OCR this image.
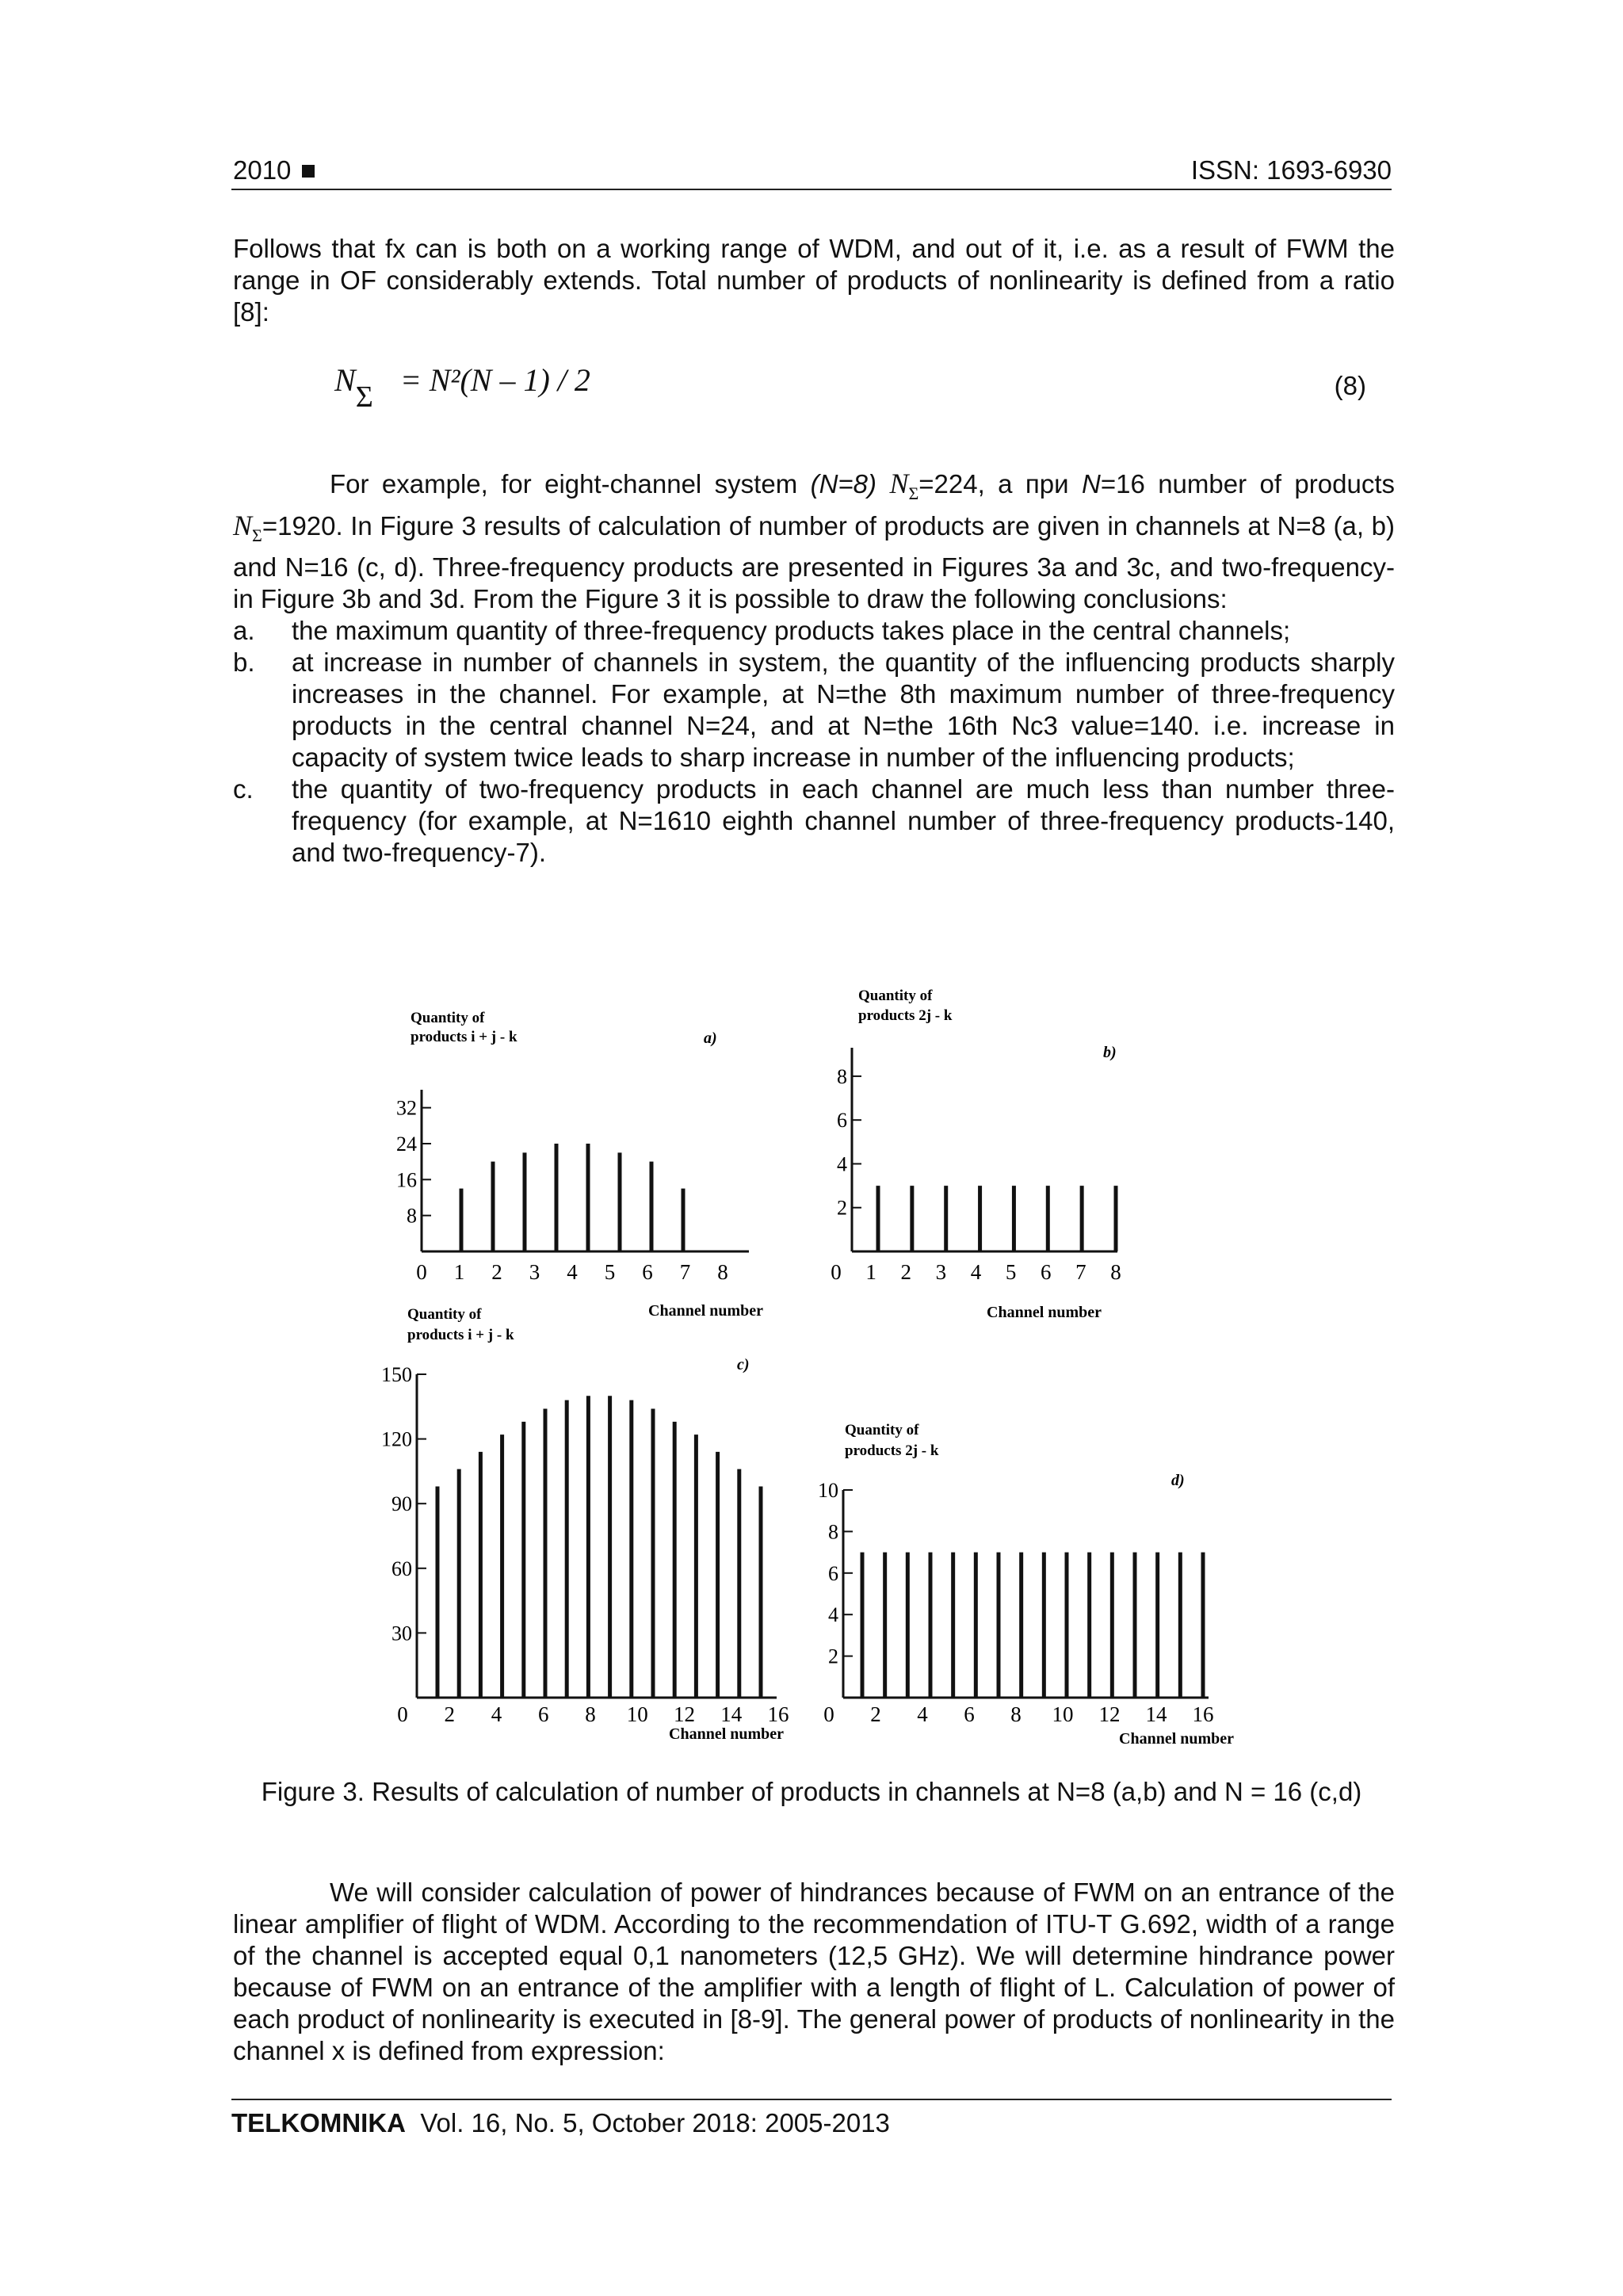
2010	ISSN: 1693-6930
Follows that fx can is both on a working range of WDM, and out of it, i.e. as a result of FWM the range in OF considerably extends. Total number of products of nonlinearity is defined from a ratio [8]:
NΣ = N²(N – 1) / 2	(8)
For example, for eight-channel system (N=8) $N_\Sigma=224$, a при N=16 number of products $N_\Sigma=1920$. In Figure 3 results of calculation of number of products are given in channels at N=8 (a, b) and N=16 (c, d). Three-frequency products are presented in Figures 3a and 3c, and two-frequency-in Figure 3b and 3d. From the Figure 3 it is possible to draw the following conclusions:
a. the maximum quantity of three-frequency products takes place in the central channels;
b. at increase in number of channels in system, the quantity of the influencing products sharply increases in the channel. For example, at N=the 8th maximum number of three-frequency products in the central channel N=24, and at N=the 16th Nc3 value=140. i.e. increase in capacity of system twice leads to sharp increase in number of the influencing products;
c. the quantity of two-frequency products in each channel are much less than number three-frequency (for example, at N=1610 eighth channel number of three-frequency products-140, and two-frequency-7).
32
24
16
8
0 1 2 3 4 5 6 7 8
Quantity of
products i + j - k	a)
8
6
4
2
0 1 2 3 4 5 6 7 8
Quantity of
products 2j - k
b)
Channel number
150
120
90
60
30
0 2 4 6 8 10 12 14 16
Quantity of
products i + j - k
c)
Channel number
10
8
6
4
2
0 2 4 6 8 10 12 14 16
Quantity of
products 2j - k
d)
Channel number
Channel number
Figure 3. Results of calculation of number of products in channels at N=8 (a,b) and N = 16 (c,d)
We will consider calculation of power of hindrances because of FWM on an entrance of the linear amplifier of flight of WDM. According to the recommendation of ITU-T G.692, width of a range of the channel is accepted equal 0,1 nanometers (12,5 GHz). We will determine hindrance power because of FWM on an entrance of the amplifier with a length of flight of L. Calculation of power of each product of nonlinearity is executed in [8-9]. The general power of products of nonlinearity in the channel x is defined from expression:
TELKOMNIKA Vol. 16, No. 5, October 2018: 2005-2013
